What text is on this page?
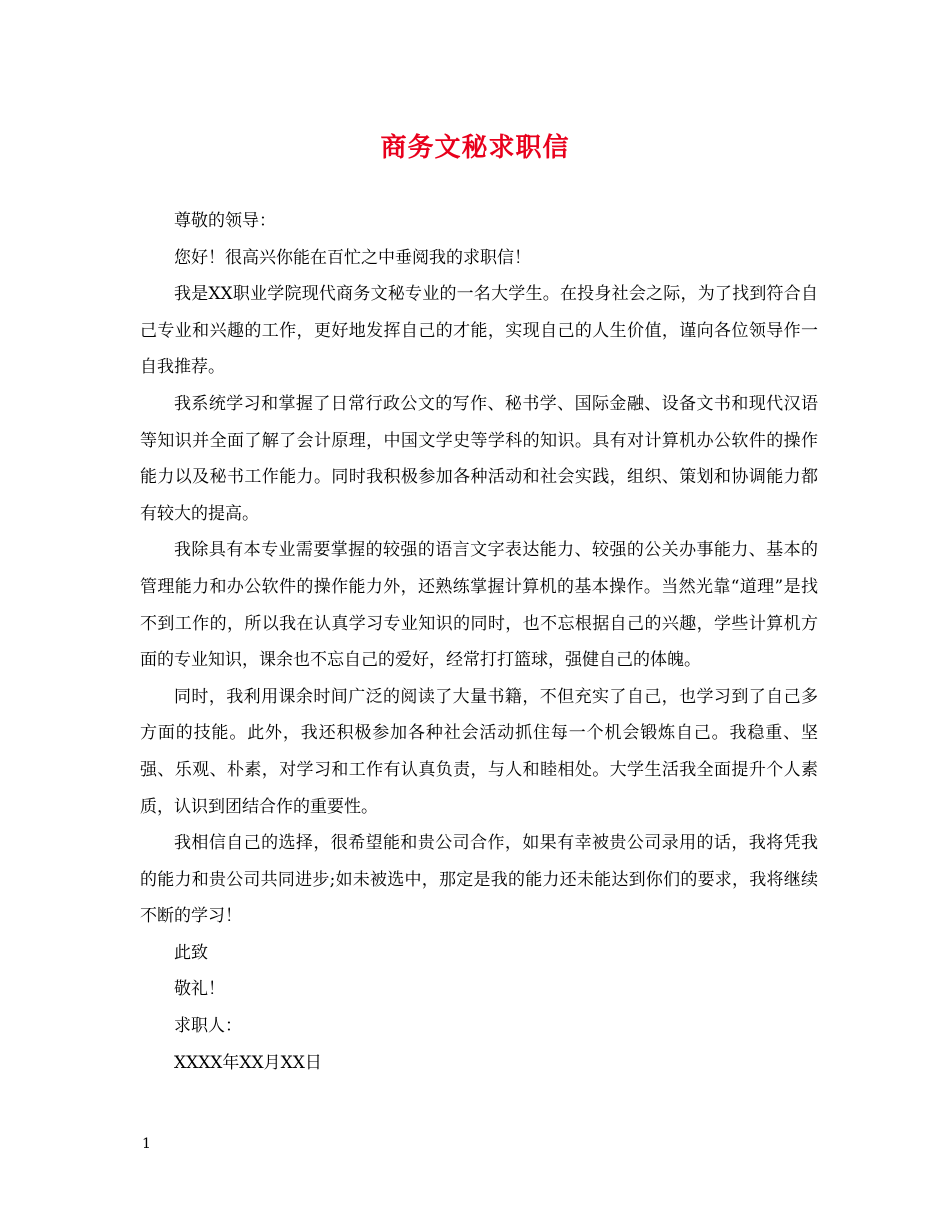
商务文秘求职信

尊敬的领导：

您好！很高兴你能在百忙之中垂阅我的求职信！

我是XX职业学院现代商务文秘专业的一名大学生。在投身社会之际，为了找到符合自己专业和兴趣的工作，更好地发挥自己的才能，实现自己的人生价值，谨向各位领导作一自我推荐。

我系统学习和掌握了日常行政公文的写作、秘书学、国际金融、设备文书和现代汉语等知识并全面了解了会计原理，中国文学史等学科的知识。具有对计算机办公软件的操作能力以及秘书工作能力。同时我积极参加各种活动和社会实践，组织、策划和协调能力都有较大的提高。

我除具有本专业需要掌握的较强的语言文字表达能力、较强的公关办事能力、基本的管理能力和办公软件的操作能力外，还熟练掌握计算机的基本操作。当然光靠“道理”是找不到工作的，所以我在认真学习专业知识的同时，也不忘根据自己的兴趣，学些计算机方面的专业知识，课余也不忘自己的爱好，经常打打篮球，强健自己的体魄。

同时，我利用课余时间广泛的阅读了大量书籍，不但充实了自己，也学习到了自己多方面的技能。此外，我还积极参加各种社会活动抓住每一个机会锻炼自己。我稳重、坚强、乐观、朴素，对学习和工作有认真负责，与人和睦相处。大学生活我全面提升个人素质，认识到团结合作的重要性。

我相信自己的选择，很希望能和贵公司合作，如果有幸被贵公司录用的话，我将凭我的能力和贵公司共同进步;如未被选中，那定是我的能力还未能达到你们的要求，我将继续不断的学习！

此致

敬礼！

求职人：

XXXX年XX月XX日

1
